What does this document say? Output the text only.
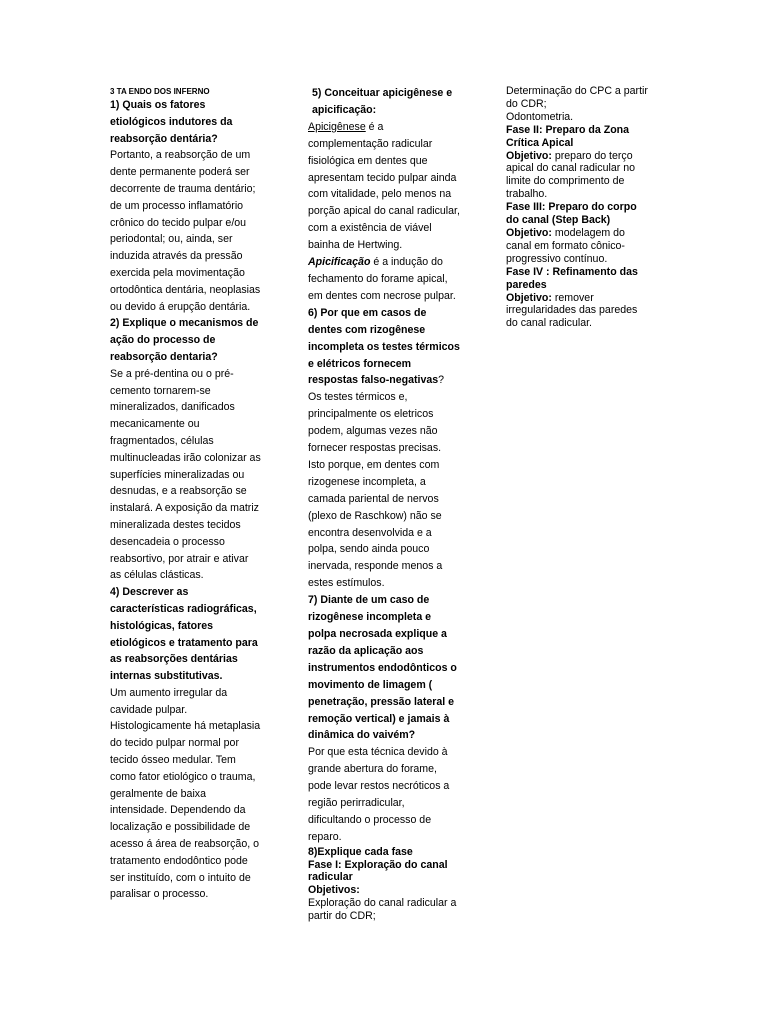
3 TA ENDO DOS INFERNO

1) Quais os fatores etiológicos indutores da reabsorção dentária?

Portanto, a reabsorção de um dente permanente poderá ser decorrente de trauma dentário; de um processo inflamatório crônico do tecido pulpar e/ou periodontal; ou, ainda, ser induzida através da pressão exercida pela movimentação ortodôntica dentária, neoplasias ou devido á erupção dentária.

2) Explique o mecanismos de ação do processo de reabsorção dentaria?

Se a pré-dentina ou o pré-cemento tornarem-se mineralizados, danificados mecanicamente ou fragmentados, células multinucleadas irão colonizar as superfícies mineralizadas ou desnudas, e a reabsorção se instalará. A exposição da matriz mineralizada destes tecidos desencadeia o processo reabsortivo, por atrair e ativar as células clásticas.

4) Descrever as características radiográficas, histológicas, fatores etiológicos e tratamento para as reabsorções dentárias internas substitutivas.

Um aumento irregular da cavidade pulpar. Histologicamente há metaplasia do tecido pulpar normal por tecido ósseo medular. Tem como fator etiológico o trauma, geralmente de baixa intensidade. Dependendo da localização e possibilidade de acesso á área de reabsorção, o tratamento endodôntico pode ser instituído, com o intuito de paralisar o processo.

5) Conceituar apicigênese e apicificação:

Apicigênese é a complementação radicular fisiológica em dentes que apresentam tecido pulpar ainda com vitalidade, pelo menos na porção apical do canal radicular, com a existência de viável bainha de Hertwing.

Apicificação é a indução do fechamento do forame apical, em dentes com necrose pulpar.

6) Por que em casos de dentes com rizogênese incompleta os testes térmicos e elétricos fornecem respostas falso-negativas?

Os testes térmicos e, principalmente os eletricos podem, algumas vezes não fornecer respostas precisas. Isto porque, em dentes com rizogenese incompleta, a camada pariental de nervos (plexo de Raschkow) não se encontra desenvolvida e a polpa, sendo ainda pouco inervada, responde menos a estes estímulos.

7) Diante de um caso de rizogênese incompleta e polpa necrosada explique a razão da aplicação aos instrumentos endodônticos o movimento de limagem ( penetração, pressão lateral e remoção vertical) e jamais à dinâmica do vaivém?

Por que esta técnica devido à grande abertura do forame, pode levar restos necróticos a região perirradicular, dificultando o processo de reparo.

8)Explique cada fase

Fase I: Exploração do canal radicular

Objetivos:

Exploração do canal radicular a partir do CDR;

Determinação do CPC a partir do CDR;

Odontometria.

Fase II: Preparo da Zona Crítica Apical

Objetivo: preparo do terço apical do canal radicular no limite do comprimento de trabalho.

Fase III: Preparo do corpo do canal (Step Back)

Objetivo: modelagem do canal em formato cônico-progressivo contínuo.

Fase IV : Refinamento das paredes

Objetivo: remover irregularidades das paredes do canal radicular.
